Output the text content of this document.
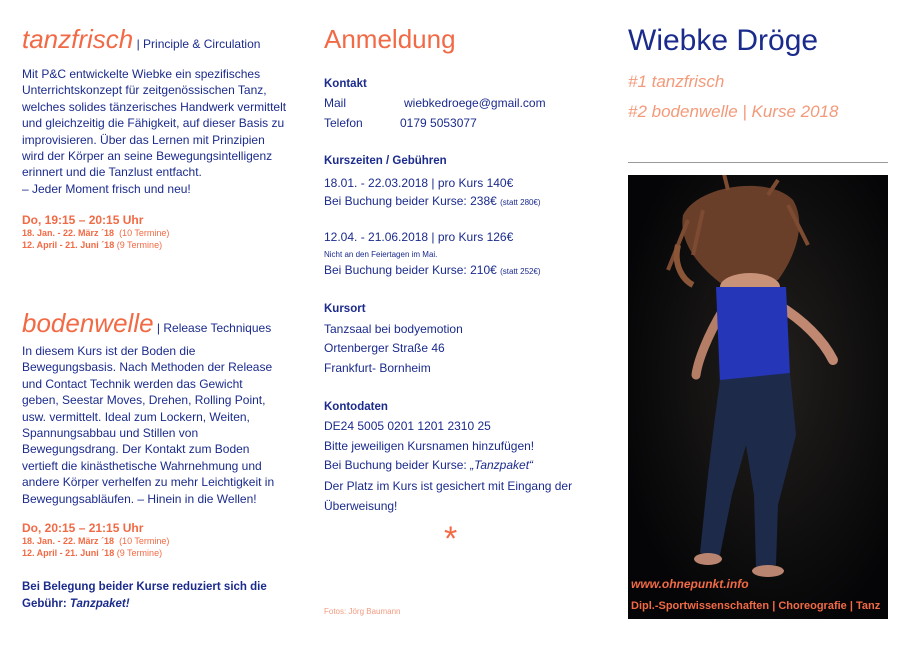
tanzfrisch | Principle & Circulation
Mit P&C entwickelte Wiebke ein spezifisches Unterrichtskonzept für zeitgenössischen Tanz, welches solides tänzerisches Handwerk vermittelt und gleichzeitig die Fähigkeit, auf dieser Basis zu improvisieren. Über das Lernen mit Prinzipien wird der Körper an seine Bewegungsintelligenz erinnert und die Tanzlust entfacht.
– Jeder Moment frisch und neu!
Do, 19:15 – 20:15 Uhr
18. Jan. - 22. März ´18 (10 Termine)
12. April - 21. Juni ´18 (9 Termine)
bodenwelle | Release Techniques
In diesem Kurs ist der Boden die Bewegungsbasis. Nach Methoden der Release und Contact Technik werden das Gewicht geben, Seestar Moves, Drehen, Rolling Point, usw. vermittelt. Ideal zum Lockern, Weiten, Spannungsabbau und Stillen von Bewegungsdrang. Der Kontakt zum Boden vertieft die kinästhetische Wahrnehmung und andere Körper verhelfen zu mehr Leichtigkeit in Bewegungsabläufen. – Hinein in die Wellen!
Do, 20:15 – 21:15 Uhr
18. Jan. - 22. März ´18 (10 Termine)
12. April - 21. Juni ´18 (9 Termine)
Bei Belegung beider Kurse reduziert sich die Gebühr: Tanzpaket!
Anmeldung
Kontakt
Mail	wiebkedroege@gmail.com
Telefon	0179 5053077
Kurszeiten / Gebühren
18.01. - 22.03.2018 | pro Kurs 140€
Bei Buchung beider Kurse: 238€ (statt 280€)
12.04. - 21.06.2018 | pro Kurs 126€
Nicht an den Feiertagen im Mai.
Bei Buchung beider Kurse: 210€ (statt 252€)
Kursort
Tanzsaal bei bodyemotion
Ortenberger Straße 46
Frankfurt- Bornheim
Kontodaten
DE24 5005 0201 1201 2310 25
Bitte jeweiligen Kursnamen hinzufügen!
Bei Buchung beider Kurse: „Tanzpaket“
Der Platz im Kurs ist gesichert mit Eingang der Überweisung!
*
Fotos: Jörg Baumann
Wiebke Dröge
#1 tanzfrisch
#2 bodenwelle | Kurse 2018
www.ohnepunkt.info
Dipl.-Sportwissenschaften | Choreografie | Tanz
